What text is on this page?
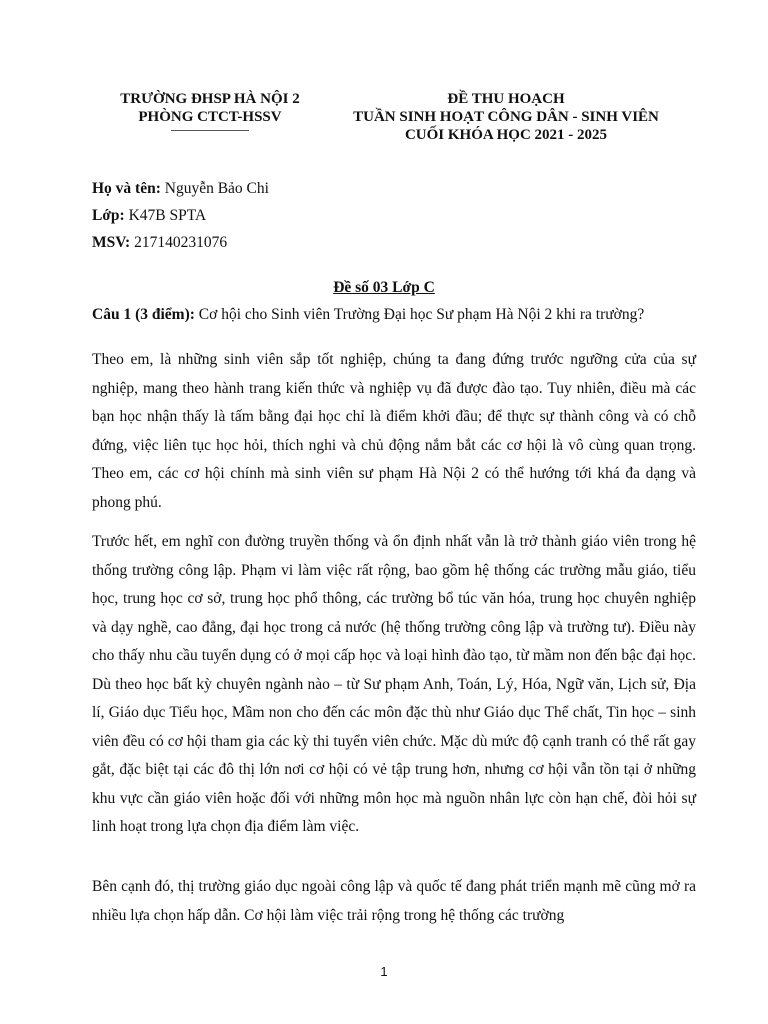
TRƯỜNG ĐHSP HÀ NỘI 2
PHÒNG CTCT-HSSV
ĐỀ THU HOẠCH
TUẦN SINH HOẠT CÔNG DÂN - SINH VIÊN
CUỐI KHÓA HỌC 2021 - 2025
Họ và tên: Nguyễn Bảo Chi
Lớp: K47B SPTA
MSV: 217140231076
Đề số 03 Lớp C
Câu 1 (3 điểm): Cơ hội cho Sinh viên Trường Đại học Sư phạm Hà Nội 2 khi ra trường?
Theo em, là những sinh viên sắp tốt nghiệp, chúng ta đang đứng trước ngưỡng cửa của sự nghiệp, mang theo hành trang kiến thức và nghiệp vụ đã được đào tạo. Tuy nhiên, điều mà các bạn học nhận thấy là tấm bằng đại học chỉ là điểm khởi đầu; để thực sự thành công và có chỗ đứng, việc liên tục học hỏi, thích nghi và chủ động nắm bắt các cơ hội là vô cùng quan trọng. Theo em, các cơ hội chính mà sinh viên sư phạm Hà Nội 2 có thể hướng tới khá đa dạng và phong phú.
Trước hết, em nghĩ con đường truyền thống và ổn định nhất vẫn là trở thành giáo viên trong hệ thống trường công lập. Phạm vi làm việc rất rộng, bao gồm hệ thống các trường mẫu giáo, tiểu học, trung học cơ sở, trung học phổ thông, các trường bổ túc văn hóa, trung học chuyên nghiệp và dạy nghề, cao đẳng, đại học trong cả nước (hệ thống trường công lập và trường tư). Điều này cho thấy nhu cầu tuyển dụng có ở mọi cấp học và loại hình đào tạo, từ mầm non đến bậc đại học. Dù theo học bất kỳ chuyên ngành nào – từ Sư phạm Anh, Toán, Lý, Hóa, Ngữ văn, Lịch sử, Địa lí, Giáo dục Tiểu học, Mầm non cho đến các môn đặc thù như Giáo dục Thể chất, Tin học – sinh viên đều có cơ hội tham gia các kỳ thi tuyển viên chức. Mặc dù mức độ cạnh tranh có thể rất gay gắt, đặc biệt tại các đô thị lớn nơi cơ hội có vẻ tập trung hơn, nhưng cơ hội vẫn tồn tại ở những khu vực cần giáo viên hoặc đối với những môn học mà nguồn nhân lực còn hạn chế, đòi hỏi sự linh hoạt trong lựa chọn địa điểm làm việc.
Bên cạnh đó, thị trường giáo dục ngoài công lập và quốc tế đang phát triển mạnh mẽ cũng mở ra nhiều lựa chọn hấp dẫn. Cơ hội làm việc trải rộng trong hệ thống các trường
1
